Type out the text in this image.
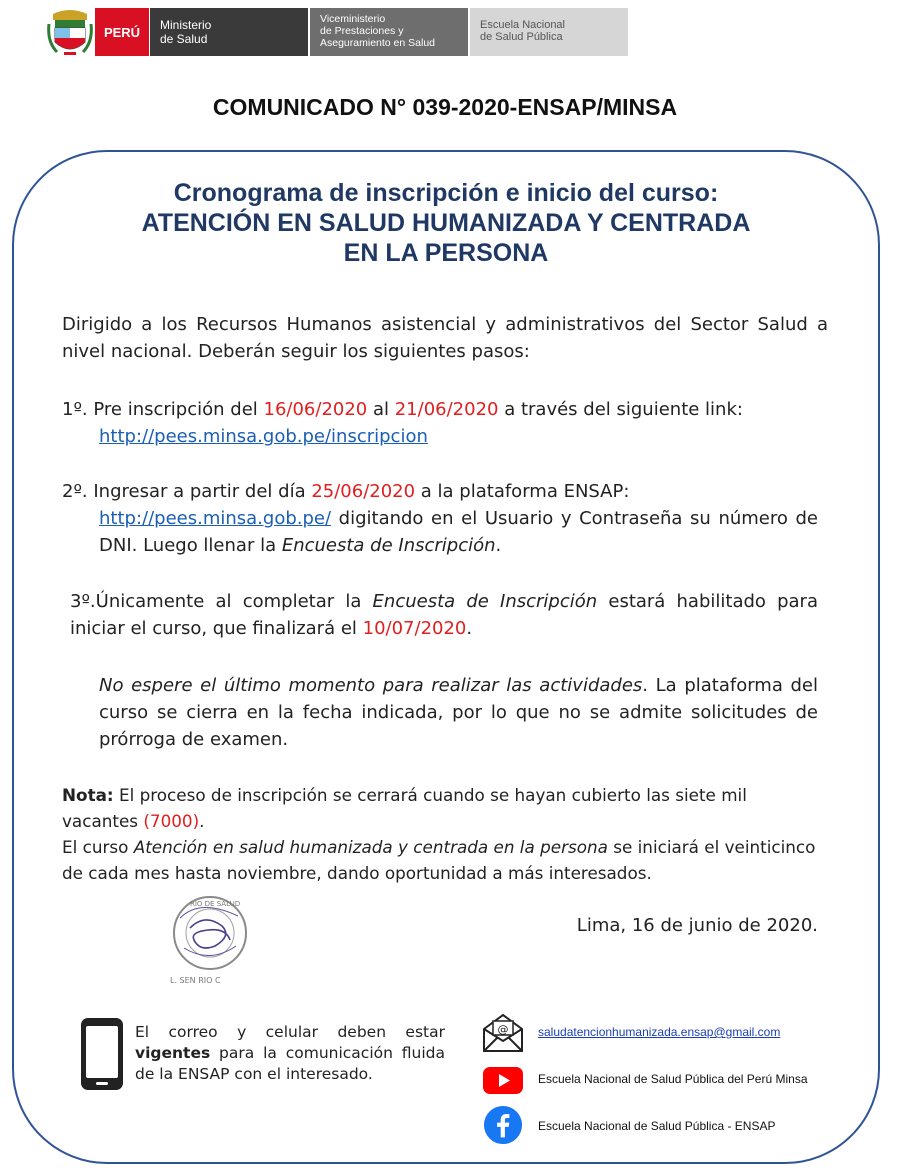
PERÚ Ministerio
de Salud
Viceministerio
de Prestaciones y
Aseguramiento en Salud
Escuela Nacional
de Salud Pública
COMUNICADO N° 039-2020-ENSAP/MINSA
Cronograma de inscripción e inicio del curso:
ATENCIÓN EN SALUD HUMANIZADA Y CENTRADA
EN LA PERSONA
Dirigido a los Recursos Humanos asistencial y administrativos del Sector Salud a nivel nacional. Deberán seguir los siguientes pasos:
1º. Pre inscripción del 16/06/2020 al 21/06/2020 a través del siguiente link:
http://pees.minsa.gob.pe/inscripcion
2º. Ingresar a partir del día 25/06/2020 a la plataforma ENSAP:
http://pees.minsa.gob.pe/ digitando en el Usuario y Contraseña su número de DNI. Luego llenar la Encuesta de Inscripción.
3º.Únicamente al completar la Encuesta de Inscripción estará habilitado para iniciar el curso, que finalizará el 10/07/2020.
No espere el último momento para realizar las actividades. La plataforma del curso se cierra en la fecha indicada, por lo que no se admite solicitudes de prórroga de examen.
Nota: El proceso de inscripción se cerrará cuando se hayan cubierto las siete mil vacantes (7000).
El curso Atención en salud humanizada y centrada en la persona se iniciará el veinticinco de cada mes hasta noviembre, dando oportunidad a más interesados.
RIO DE SALUD
L. SEN RIO C
Lima, 16 de junio de 2020.
El correo y celular deben estar vigentes para la comunicación fluida de la ENSAP con el interesado.
@ saludatencionhumanizada.ensap@gmail.com
Escuela Nacional de Salud Pública del Perú Minsa
Escuela Nacional de Salud Pública - ENSAP
